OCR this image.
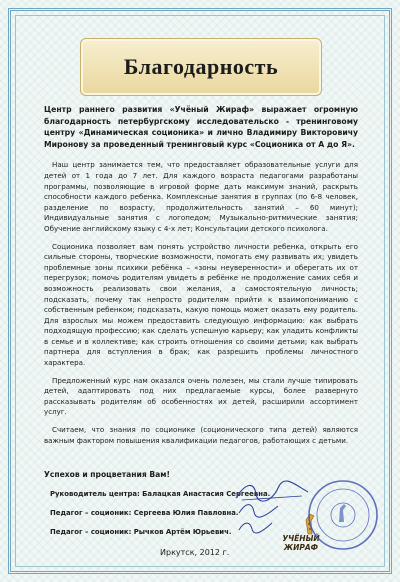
Благодарность

Центр раннего развития «Учёный Жираф» выражает огромную благодарность петербургскому исследовательско - тренинговому центру «Динамическая соционика» и лично Владимиру Викторовичу Миронову за проведенный тренинговый курс «Соционика от А до Я».

Наш центр занимается тем, что предоставляет образовательные услуги для детей от 1 года до 7 лет. Для каждого возраста педагогами разработаны программы, позволяющие в игровой форме дать максимум знаний, раскрыть способности каждого ребенка. Комплексные занятия в группах (по 6-8 человек, разделение по возрасту, продолжительность занятий – 60 минут); Индивидуальные занятия с логопедом; Музыкально-ритмические занятия; Обучение английскому языку с 4-х лет; Консультации детского психолога.

Соционика позволяет вам понять устройство личности ребенка, открыть его сильные стороны, творческие возможности, помогать ему развивать их; увидеть проблемные зоны психики ребёнка – «зоны неуверенности» и оберегать их от перегрузок; помочь родителям увидеть в ребёнке не продолжение самих себя и возможность реализовать свои желания, а самостоятельную личность; подсказать, почему так непросто родителям прийти к взаимопониманию с собственным ребенком; подсказать, какую помощь может оказать ему родитель. Для взрослых мы можем предоставить следующую информацию: как выбрать подходящую профессию; как сделать успешную карьеру; как уладить конфликты в семье и в коллективе; как строить отношения со своими детьми; как выбрать партнера для вступления в брак; как разрешить проблемы личностного характера.

Предложенный курс нам оказался очень полезен, мы стали лучше типировать детей, адаптировать под них предлагаемые курсы, более развернуто рассказывать родителям об особенностях их детей, расширили ассортимент услуг.

Считаем, что знания по соционике (соционического типа детей) являются важным фактором повышения квалификации педагогов, работающих с детьми.

Успехов и процветания Вам!
Руководитель центра: Балацкая Анастасия Сергеевна.
Педагог – соционик: Сергеева Юлия Павловна.
Педагог – соционик: Рычков Артём Юрьевич.
УЧЁНЫЙ ЖИРАФ
Иркутск, 2012 г.
